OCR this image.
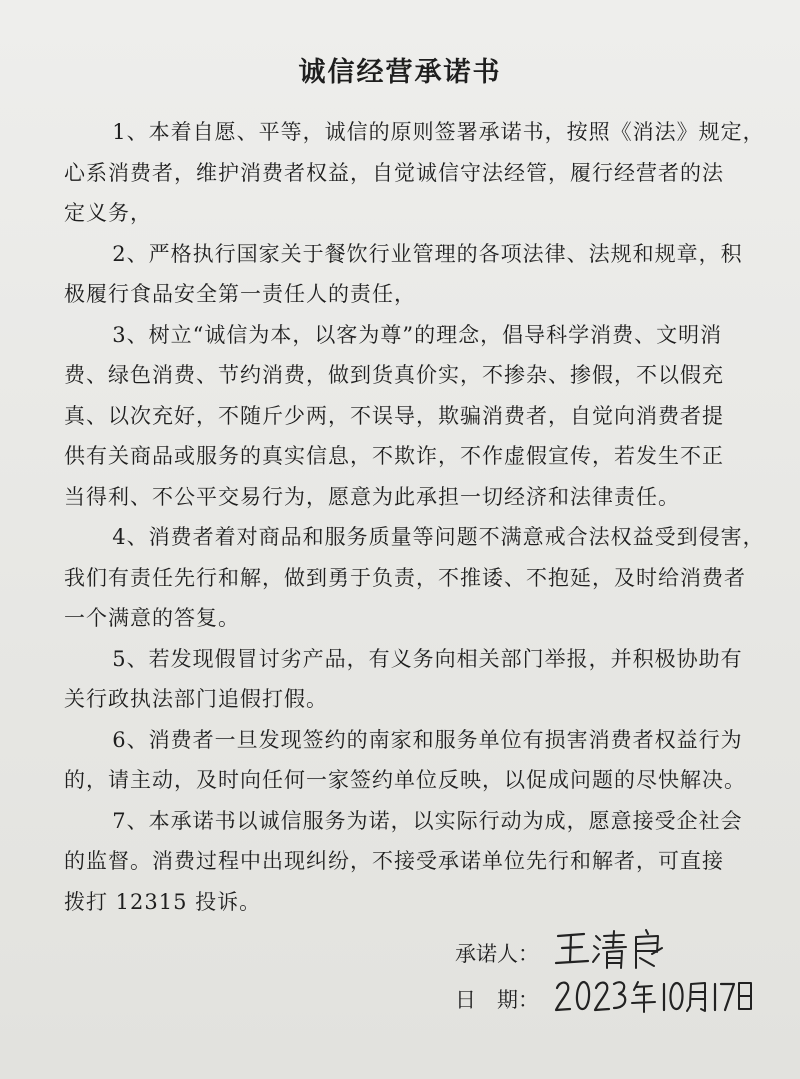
诚信经营承诺书

1、本着自愿、平等，诚信的原则签署承诺书，按照《消法》规定，
心系消费者，维护消费者权益，自觉诚信守法经管，履行经营者的法
定义务，

2、严格执行国家关于餐饮行业管理的各项法律、法规和规章，积
极履行食品安全第一责任人的责任，

3、树立“诚信为本，以客为尊”的理念，倡导科学消费、文明消
费、绿色消费、节约消费，做到货真价实，不掺杂、掺假，不以假充
真、以次充好，不随斤少两，不误导，欺骗消费者，自觉向消费者提
供有关商品或服务的真实信息，不欺诈，不作虚假宣传，若发生不正
当得利、不公平交易行为，愿意为此承担一切经济和法律责任。

4、消费者着对商品和服务质量等问题不满意戒合法权益受到侵害，
我们有责任先行和解，做到勇于负责，不推诿、不抱延，及时给消费者
一个满意的答复。

5、若发现假冒讨劣产品，有义务向相关部门举报，并积极协助有
关行政执法部门追假打假。

6、消费者一旦发现签约的南家和服务单位有损害消费者权益行为
的，请主动，及时向任何一家签约单位反映，以促成问题的尽快解决。

7、本承诺书以诚信服务为诺，以实际行动为成，愿意接受企社会
的监督。消费过程中出现纠纷，不接受承诺单位先行和解者，可直接
拨打 12315 投诉。

承诺人：
日　期：
